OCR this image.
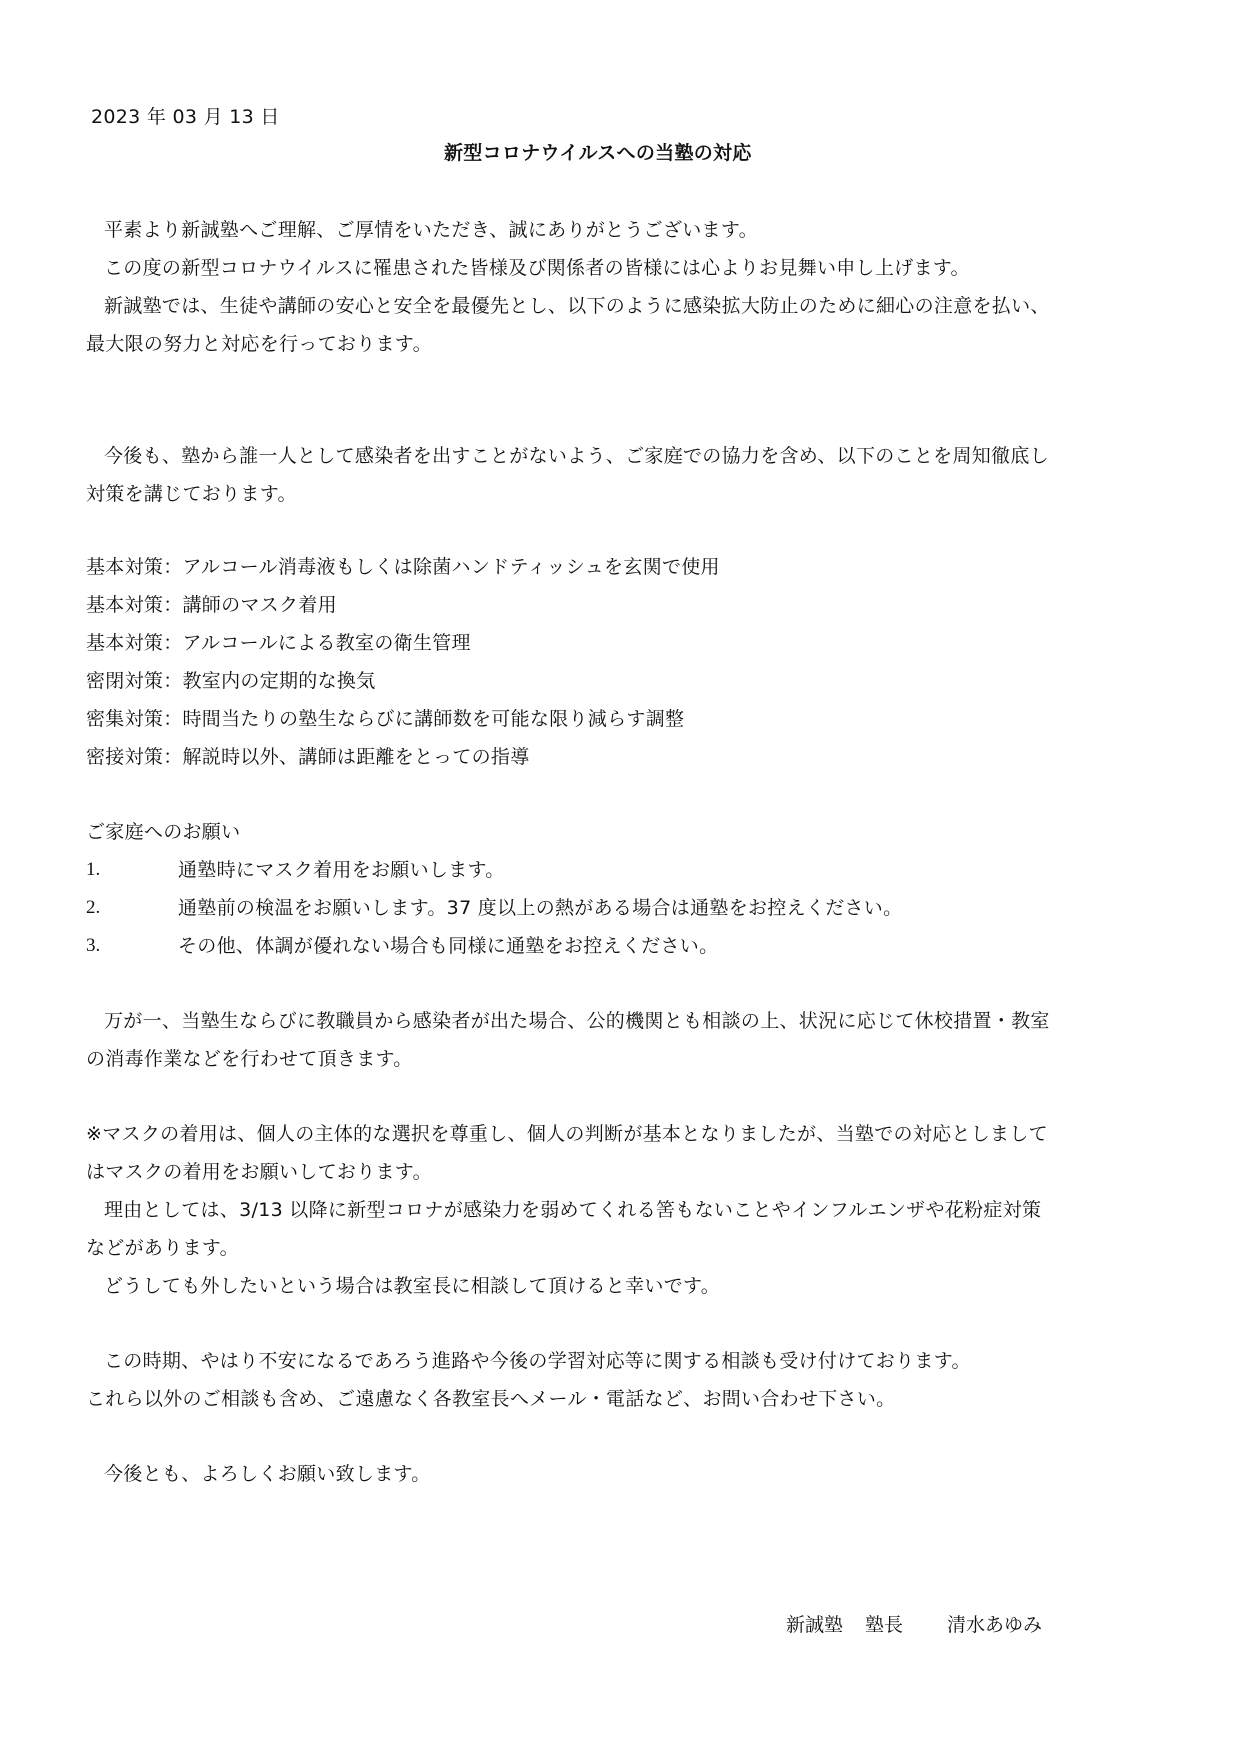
2023 年 03 月 13 日
新型コロナウイルスへの当塾の対応
平素より新誠塾へご理解、ご厚情をいただき、誠にありがとうございます。
この度の新型コロナウイルスに罹患された皆様及び関係者の皆様には心よりお見舞い申し上げます。
新誠塾では、生徒や講師の安心と安全を最優先とし、以下のように感染拡大防止のために細心の注意を払い、
最大限の努力と対応を行っております。
今後も、塾から誰一人として感染者を出すことがないよう、ご家庭での協力を含め、以下のことを周知徹底し
対策を講じております。
基本対策：アルコール消毒液もしくは除菌ハンドティッシュを玄関で使用
基本対策：講師のマスク着用
基本対策：アルコールによる教室の衛生管理
密閉対策：教室内の定期的な換気
密集対策：時間当たりの塾生ならびに講師数を可能な限り減らす調整
密接対策：解説時以外、講師は距離をとっての指導
ご家庭へのお願い
1.	通塾時にマスク着用をお願いします。
2.	通塾前の検温をお願いします。37 度以上の熱がある場合は通塾をお控えください。
3.	その他、体調が優れない場合も同様に通塾をお控えください。
万が一、当塾生ならびに教職員から感染者が出た場合、公的機関とも相談の上、状況に応じて休校措置・教室
の消毒作業などを行わせて頂きます。
※マスクの着用は、個人の主体的な選択を尊重し、個人の判断が基本となりましたが、当塾での対応としまして
はマスクの着用をお願いしております。
理由としては、3/13 以降に新型コロナが感染力を弱めてくれる筈もないことやインフルエンザや花粉症対策
などがあります。
どうしても外したいという場合は教室長に相談して頂けると幸いです。
この時期、やはり不安になるであろう進路や今後の学習対応等に関する相談も受け付けております。
これら以外のご相談も含め、ご遠慮なく各教室長へメール・電話など、お問い合わせ下さい。
今後とも、よろしくお願い致します。
新誠塾 塾長 清水あゆみ
